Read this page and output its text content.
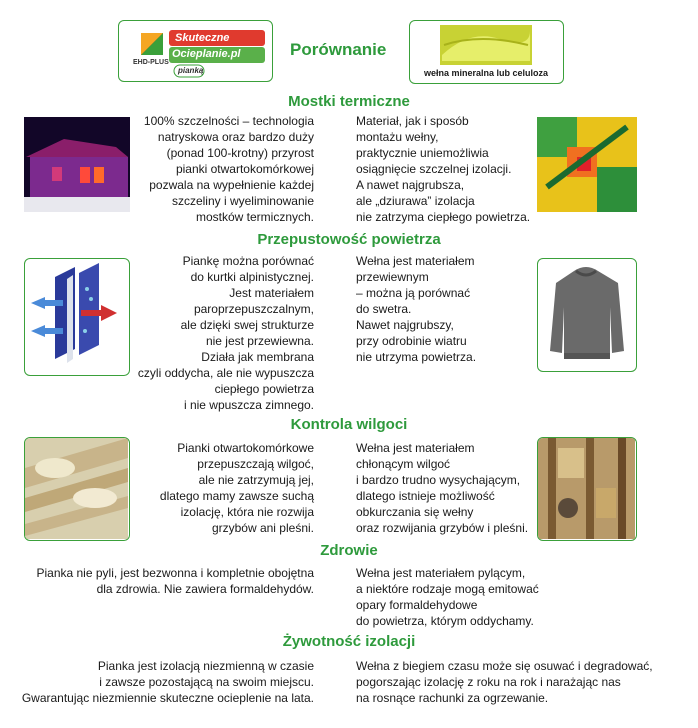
EHD-PLUS
Skuteczne
Ocieplanie.pl
pianką
Porównanie
wełna mineralna lub celuloza
Mostki termiczne
100% szczelności – technologia
natryskowa oraz bardzo duży
(ponad 100-krotny) przyrost
pianki otwartokomórkowej
pozwala na wypełnienie każdej
szczeliny i wyeliminowanie
mostków termicznych.
Materiał, jak i sposób
montażu wełny,
praktycznie uniemożliwia
osiągnięcie szczelnej izolacji.
A nawet najgrubsza,
ale „dziurawa” izolacja
nie zatrzyma ciepłego powietrza.
Przepustowość powietrza
Piankę można porównać
do kurtki alpinistycznej.
Jest materiałem
paroprzepuszczalnym,
ale dzięki swej strukturze
nie jest przewiewna.
Działa jak membrana
czyli oddycha, ale nie wypuszcza
ciepłego powietrza
i nie wpuszcza zimnego.
Wełna jest materiałem
przewiewnym
– można ją porównać
do swetra.
Nawet najgrubszy,
przy odrobinie wiatru
nie utrzyma powietrza.
Kontrola wilgoci
Pianki otwartokomórkowe
przepuszczają wilgoć,
ale nie zatrzymują jej,
dlatego mamy zawsze suchą
izolację, która nie rozwija
grzybów ani pleśni.
Wełna jest materiałem
chłonącym wilgoć
i bardzo trudno wysychającym,
dlatego istnieje możliwość
obkurczania się wełny
oraz rozwijania grzybów i pleśni.
Zdrowie
Pianka nie pyli, jest bezwonna i kompletnie obojętna
dla zdrowia. Nie zawiera formaldehydów.
Wełna jest materiałem pylącym,
a niektóre rodzaje mogą emitować
opary formaldehydowe
do powietrza, którym oddychamy.
Żywotność izolacji
Pianka jest izolacją niezmienną w czasie
i zawsze pozostającą na swoim miejscu.
Gwarantując niezmiennie skuteczne ocieplenie na lata.
Wełna z biegiem czasu może się osuwać i degradować,
pogorszając izolację z roku na rok i narażając nas
na rosnące rachunki za ogrzewanie.
